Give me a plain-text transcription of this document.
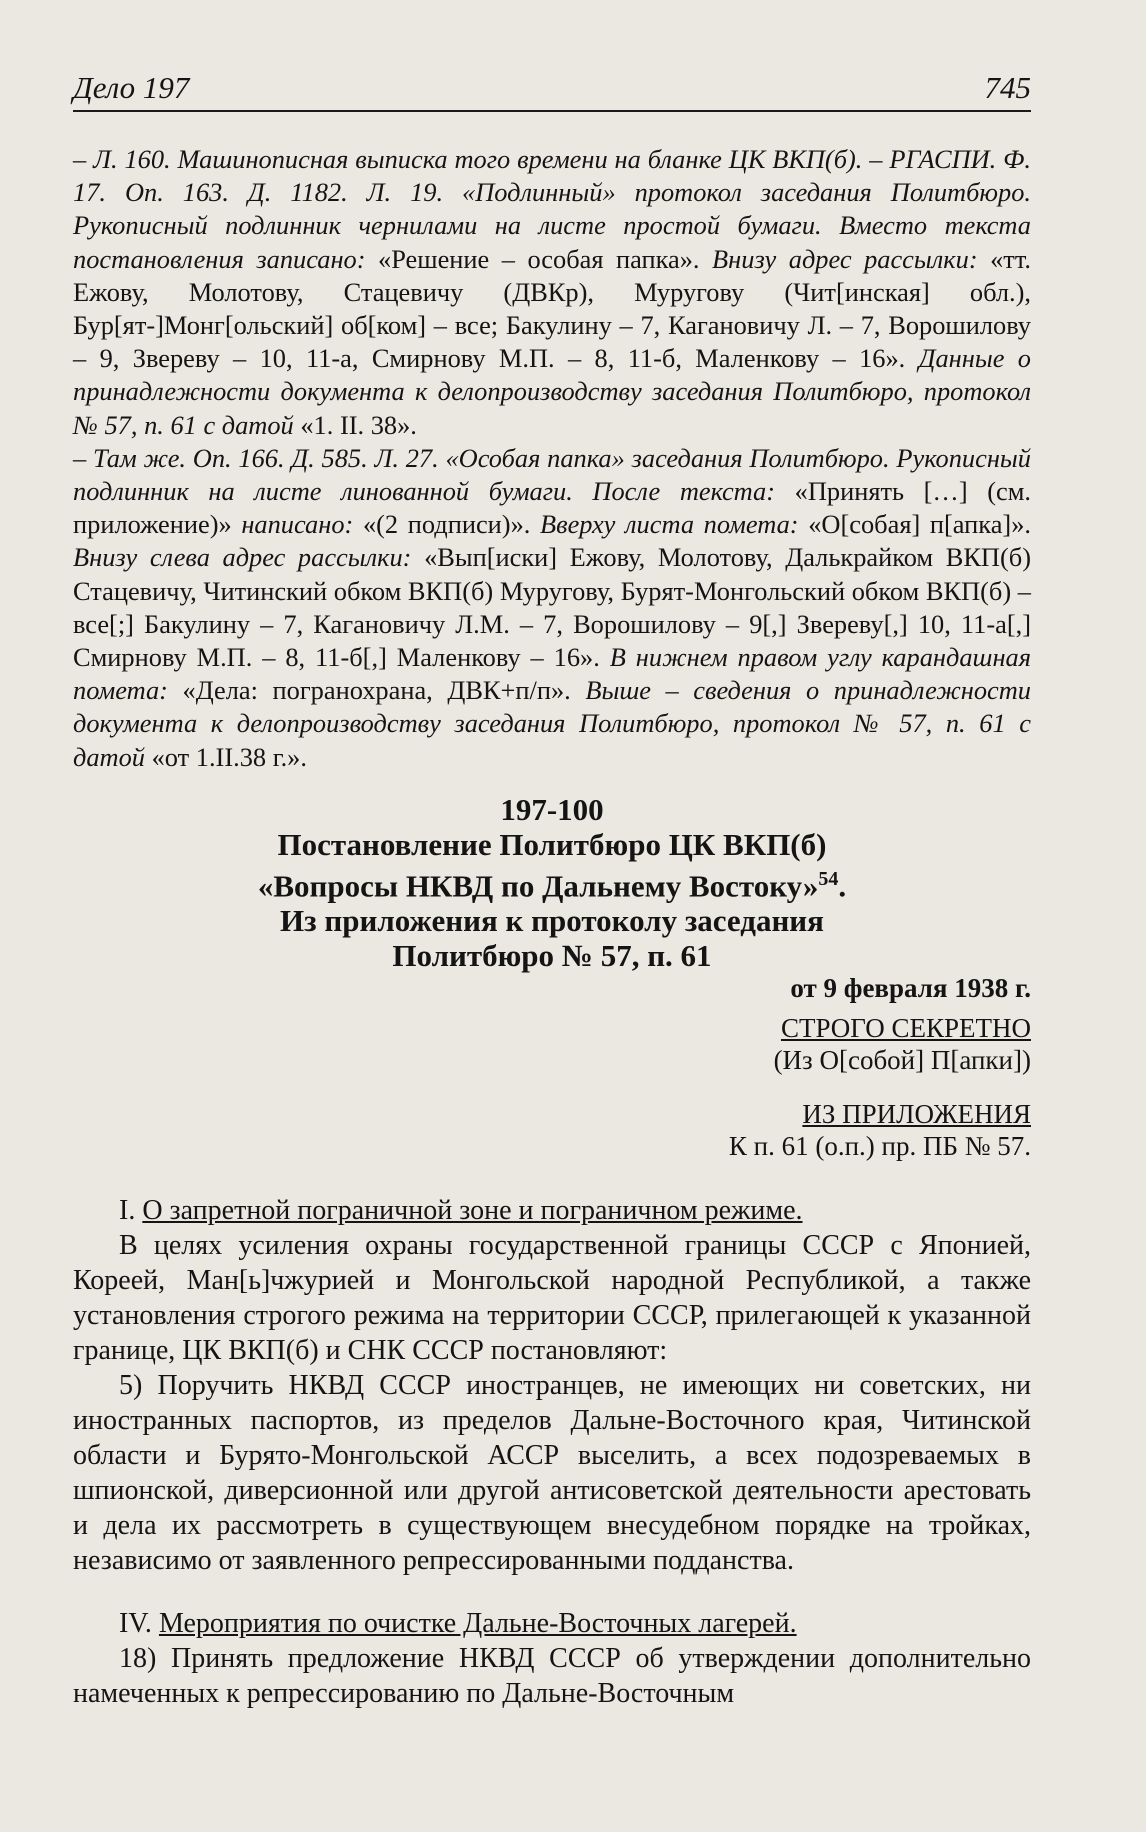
Дело 197	745

– Л. 160. Машинописная выписка того времени на бланке ЦК ВКП(б). – РГАСПИ. Ф. 17. Оп. 163. Д. 1182. Л. 19. «Подлинный» протокол заседания Политбюро. Рукописный подлинник чернилами на листе простой бумаги. Вместо текста постановления записано: «Решение – особая папка». Внизу адрес рассылки: «тт. Ежову, Молотову, Стацевичу (ДВКр), Муругову (Чит[инская] обл.), Бур[ят-]Монг[ольский] об[ком] – все; Бакулину – 7, Кагановичу Л. – 7, Ворошилову – 9, Звереву – 10, 11-а, Смирнову М.П. – 8, 11-б, Маленкову – 16». Данные о принадлежности документа к делопроизводству заседания Политбюро, протокол № 57, п. 61 с датой «1. II. 38».

– Там же. Оп. 166. Д. 585. Л. 27. «Особая папка» заседания Политбюро. Рукописный подлинник на листе линованной бумаги. После текста: «Принять […] (см. приложение)» написано: «(2 подписи)». Вверху листа помета: «О[собая] п[апка]». Внизу слева адрес рассылки: «Вып[иски] Ежову, Молотову, Далькрайком ВКП(б) Стацевичу, Читинский обком ВКП(б) Муругову, Бурят-Монгольский обком ВКП(б) – все[;] Бакулину – 7, Кагановичу Л.М. – 7, Ворошилову – 9[,] Звереву[,] 10, 11-а[,] Смирнову М.П. – 8, 11-б[,] Маленкову – 16». В нижнем правом углу карандашная помета: «Дела: погранохрана, ДВК+п/п». Выше – сведения о принадлежности документа к делопроизводству заседания Политбюро, протокол № 57, п. 61 с датой «от 1.II.38 г.».

197-100
Постановление Политбюро ЦК ВКП(б)
«Вопросы НКВД по Дальнему Востоку»$^{54}$.
Из приложения к протоколу заседания
Политбюро № 57, п. 61
от 9 февраля 1938 г.
СТРОГО СЕКРЕТНО
(Из О[собой] П[апки])
ИЗ ПРИЛОЖЕНИЯ
К п. 61 (о.п.) пр. ПБ № 57.

I. О запретной пограничной зоне и пограничном режиме.

В целях усиления охраны государственной границы СССР с Японией, Кореей, Ман[ь]чжурией и Монгольской народной Республикой, а также установления строгого режима на территории СССР, прилегающей к указанной границе, ЦК ВКП(б) и СНК СССР постановляют:

5) Поручить НКВД СССР иностранцев, не имеющих ни советских, ни иностранных паспортов, из пределов Дальне-Восточного края, Читинской области и Бурято-Монгольской АССР выселить, а всех подозреваемых в шпионской, диверсионной или другой антисоветской деятельности арестовать и дела их рассмотреть в существующем внесудебном порядке на тройках, независимо от заявленного репрессированными подданства.

IV. Мероприятия по очистке Дальне-Восточных лагерей.

18) Принять предложение НКВД СССР об утверждении дополнительно намеченных к репрессированию по Дальне-Восточным
